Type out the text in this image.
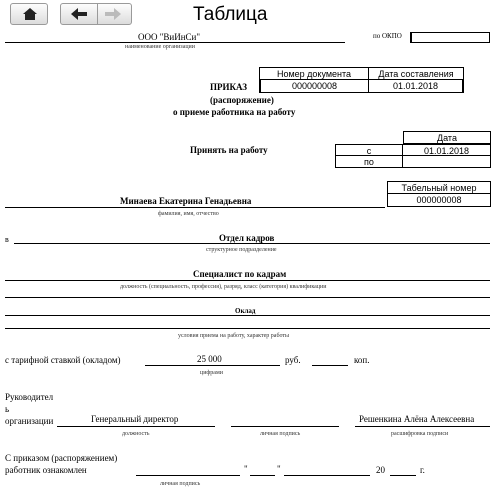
Таблица
ООО "ВиИнСи"
наименование организации
по ОКПО
Номер документа	Дата составления
000000008	01.01.2018
ПРИКАЗ
(распоряжение)
о приеме работника на работу
Дата
Принять на работу	с	01.01.2018
по
Табельный номер
000000008
Минаева Екатерина Генадьевна
фамилия, имя, отчество
в	Отдел кадров
структурное подразделение
Специалист по кадрам
должность (специальность, профессия), разряд, класс (категория) квалификации
Оклад
условия приема на работу, характер работы
с тарифной ставкой (окладом)	25 000	руб.	коп.
цифрами
Руководител
ь
организации	Генеральный директор	Решенкина Алёна Алексеевна
должность	личная подпись	расшифровка подписи
С приказом (распоряжением)
работник ознакомлен	"	"	20	г.
личная подпись
